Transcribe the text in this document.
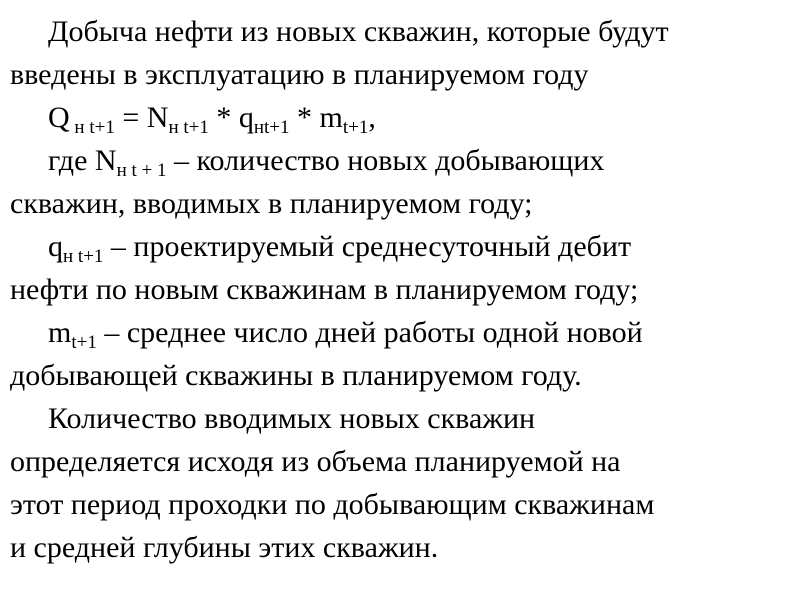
Добыча нефти из новых скважин, которые будут
введены в эксплуатацию в планируемом году
Q $_{н t+1} = N_{н t+1} * q_{нt+1} * m_{t+1}$,
где $N_{н t + 1}$ – количество новых добывающих
скважин, вводимых в планируемом году;
$q_{н t+1}$ – проектируемый среднесуточный дебит
нефти по новым скважинам в планируемом году;
$m_{t+1}$ – среднее число дней работы одной новой
добывающей скважины в планируемом году.
Количество вводимых новых скважин
определяется исходя из объема планируемой на
этот период проходки по добывающим скважинам
и средней глубины этих скважин.
